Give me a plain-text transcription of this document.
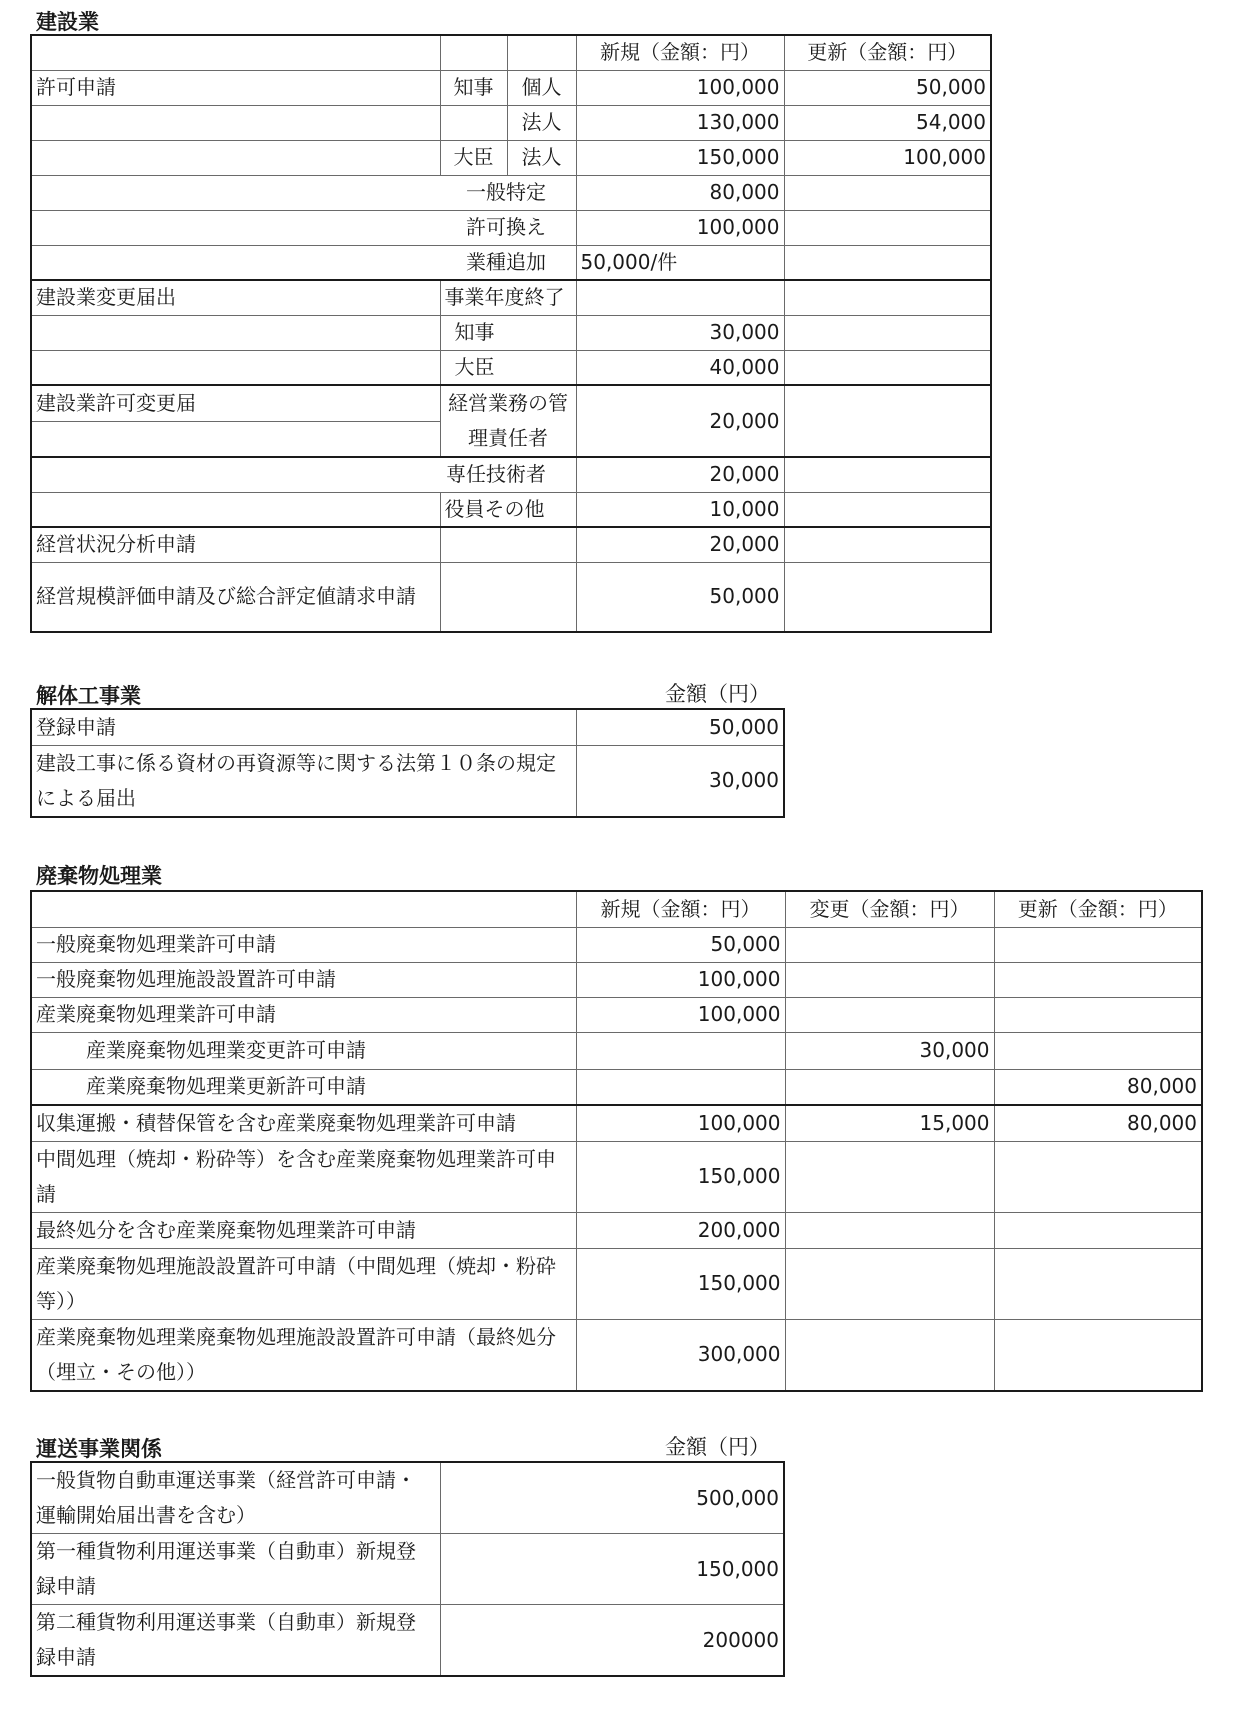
建設業
			新規（金額：円）	更新（金額：円）
許可申請	知事	個人	100,000	50,000
		法人	130,000	54,000
	大臣	法人	150,000	100,000
一般特定			80,000	
許可換え			100,000	
業種追加			50,000/件	
建設業変更届出	事業年度終了			
	知事		30,000	
	大臣		40,000	
建設業許可変更届	経営業務の管理責任者		20,000	

専任技術者			20,000	
	役員その他		10,000	
経営状況分析申請			20,000	
経営規模評価申請及び総合評定値請求申請			50,000	
解体工事業	金額（円）
登録申請	50,000
建設工事に係る資材の再資源等に関する法第１０条の規定による届出	30,000
廃棄物処理業
	新規（金額：円）	変更（金額：円）	更新（金額：円）
一般廃棄物処理業許可申請	50,000		
一般廃棄物処理施設設置許可申請	100,000		
産業廃棄物処理業許可申請	100,000		
産業廃棄物処理業変更許可申請		30,000	
産業廃棄物処理業更新許可申請			80,000
収集運搬・積替保管を含む産業廃棄物処理業許可申請	100,000	15,000	80,000
中間処理（焼却・粉砕等）を含む産業廃棄物処理業許可申請	150,000		
最終処分を含む産業廃棄物処理業許可申請	200,000		
産業廃棄物処理施設設置許可申請（中間処理（焼却・粉砕等））	150,000		
産業廃棄物処理業廃棄物処理施設設置許可申請（最終処分（埋立・その他））	300,000		
運送事業関係	金額（円）
一般貨物自動車運送事業（経営許可申請・運輸開始届出書を含む）	500,000
第一種貨物利用運送事業（自動車）新規登録申請	150,000
第二種貨物利用運送事業（自動車）新規登録申請	200000
